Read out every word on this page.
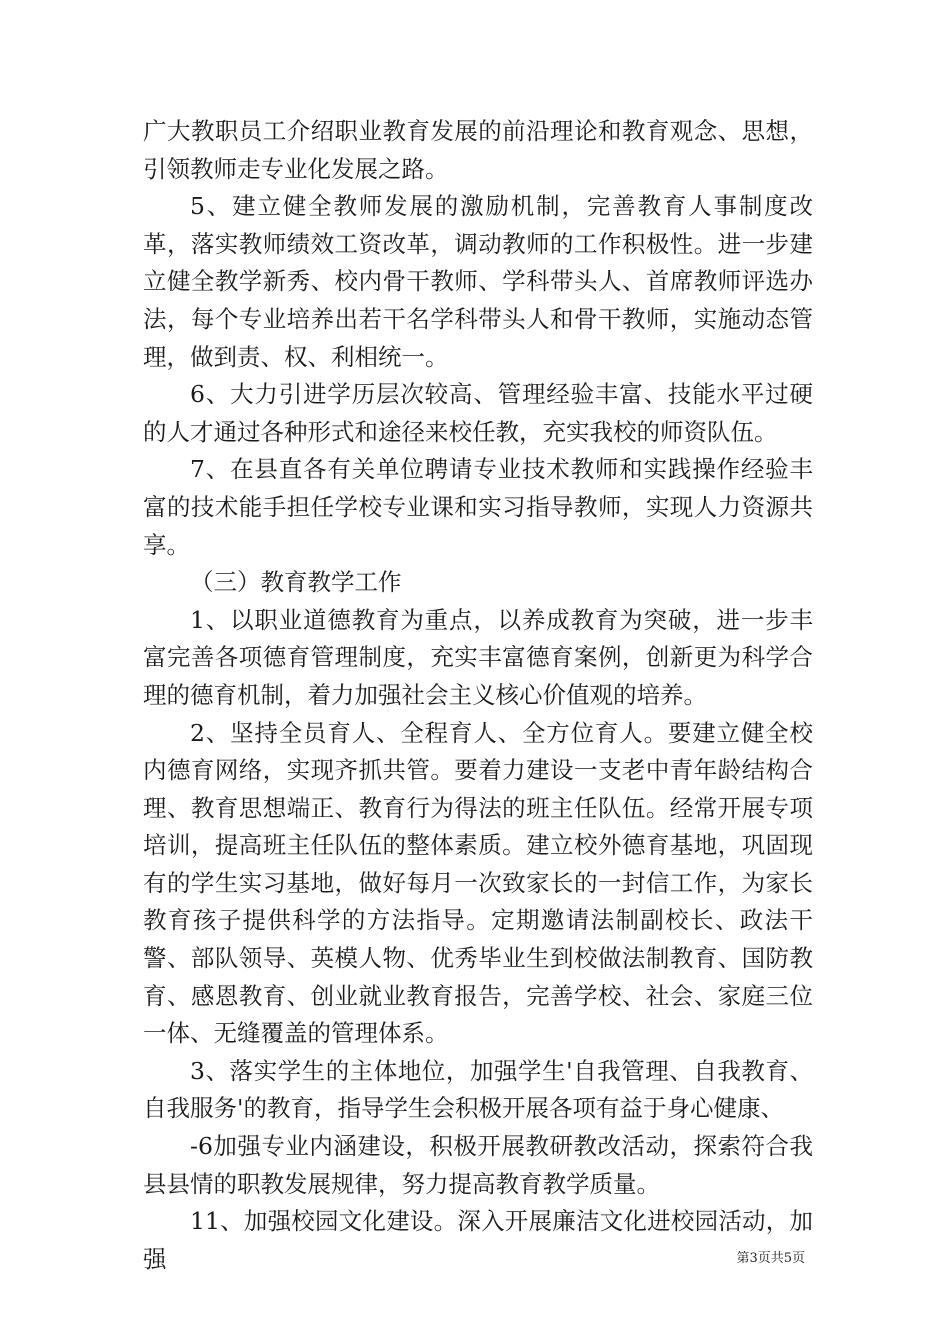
广大教职员工介绍职业教育发展的前沿理论和教育观念、思想，引领教师走专业化发展之路。

5、建立健全教师发展的激励机制，完善教育人事制度改革，落实教师绩效工资改革，调动教师的工作积极性。进一步建立健全教学新秀、校内骨干教师、学科带头人、首席教师评选办法，每个专业培养出若干名学科带头人和骨干教师，实施动态管理，做到责、权、利相统一。

6、大力引进学历层次较高、管理经验丰富、技能水平过硬的人才通过各种形式和途径来校任教，充实我校的师资队伍。

7、在县直各有关单位聘请专业技术教师和实践操作经验丰富的技术能手担任学校专业课和实习指导教师，实现人力资源共享。

（三）教育教学工作

1、以职业道德教育为重点，以养成教育为突破，进一步丰富完善各项德育管理制度，充实丰富德育案例，创新更为科学合理的德育机制，着力加强社会主义核心价值观的培养。

2、坚持全员育人、全程育人、全方位育人。要建立健全校内德育网络，实现齐抓共管。要着力建设一支老中青年龄结构合理、教育思想端正、教育行为得法的班主任队伍。经常开展专项培训，提高班主任队伍的整体素质。建立校外德育基地，巩固现有的学生实习基地，做好每月一次致家长的一封信工作，为家长教育孩子提供科学的方法指导。定期邀请法制副校长、政法干警、部队领导、英模人物、优秀毕业生到校做法制教育、国防教育、感恩教育、创业就业教育报告，完善学校、社会、家庭三位一体、无缝覆盖的管理体系。

3、落实学生的主体地位，加强学生'自我管理、自我教育、自我服务'的教育，指导学生会积极开展各项有益于身心健康、

-6加强专业内涵建设，积极开展教研教改活动，探索符合我县县情的职教发展规律，努力提高教育教学质量。

11、加强校园文化建设。深入开展廉洁文化进校园活动，加强	第3页共5页
